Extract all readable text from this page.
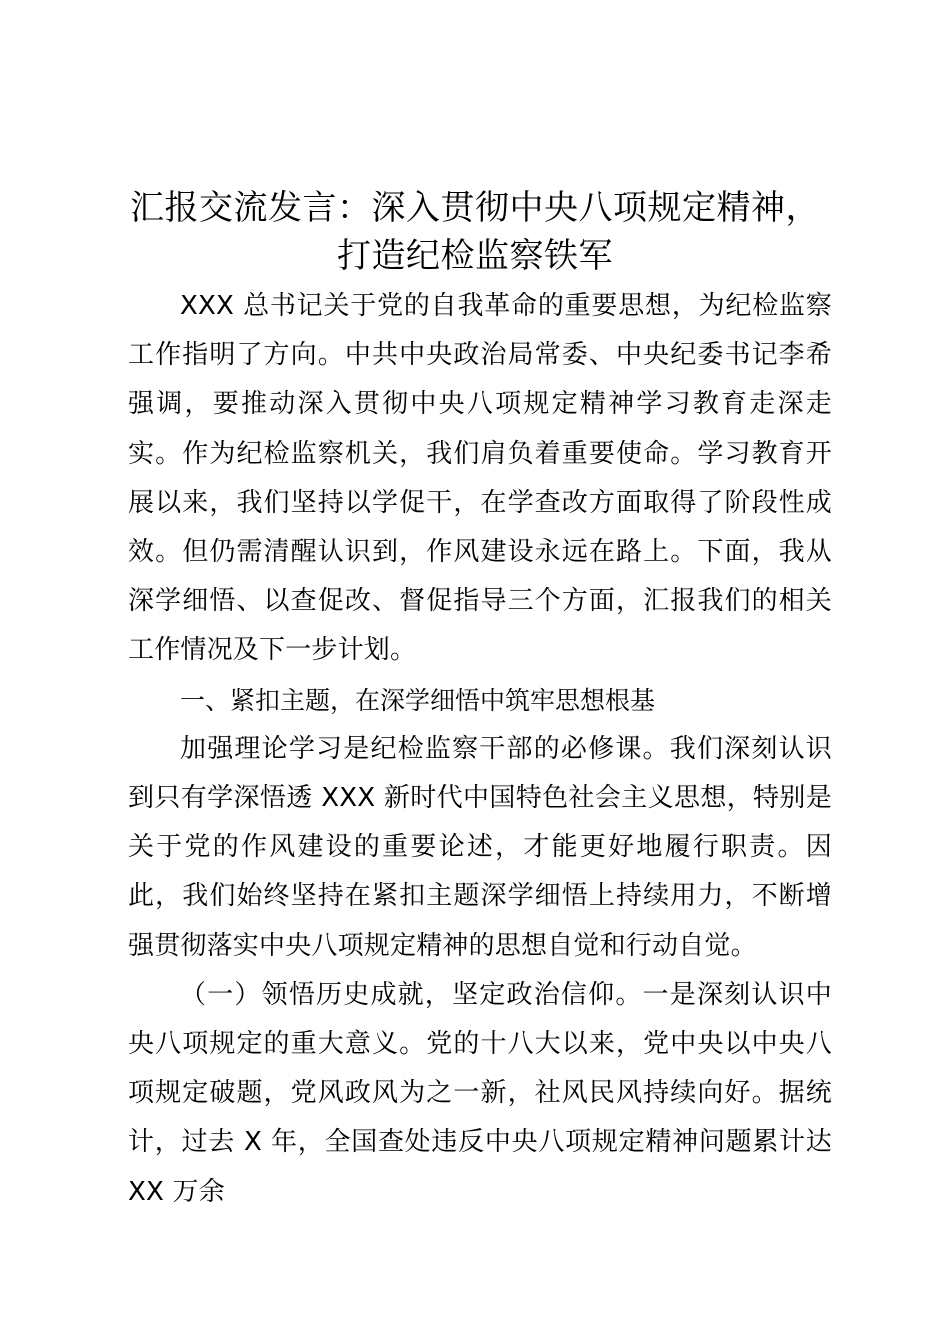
汇报交流发言：深入贯彻中央八项规定精神，
打造纪检监察铁军

XXX 总书记关于党的自我革命的重要思想，为纪检监察工作指明了方向。中共中央政治局常委、中央纪委书记李希强调，要推动深入贯彻中央八项规定精神学习教育走深走实。作为纪检监察机关，我们肩负着重要使命。学习教育开展以来，我们坚持以学促干，在学查改方面取得了阶段性成效。但仍需清醒认识到，作风建设永远在路上。下面，我从深学细悟、以查促改、督促指导三个方面，汇报我们的相关工作情况及下一步计划。

一、紧扣主题，在深学细悟中筑牢思想根基

加强理论学习是纪检监察干部的必修课。我们深刻认识到只有学深悟透 XXX 新时代中国特色社会主义思想，特别是关于党的作风建设的重要论述，才能更好地履行职责。因此，我们始终坚持在紧扣主题深学细悟上持续用力，不断增强贯彻落实中央八项规定精神的思想自觉和行动自觉。

（一）领悟历史成就，坚定政治信仰。一是深刻认识中央八项规定的重大意义。党的十八大以来，党中央以中央八项规定破题，党风政风为之一新，社风民风持续向好。据统计，过去 X 年，全国查处违反中央八项规定精神问题累计达 XX 万余
